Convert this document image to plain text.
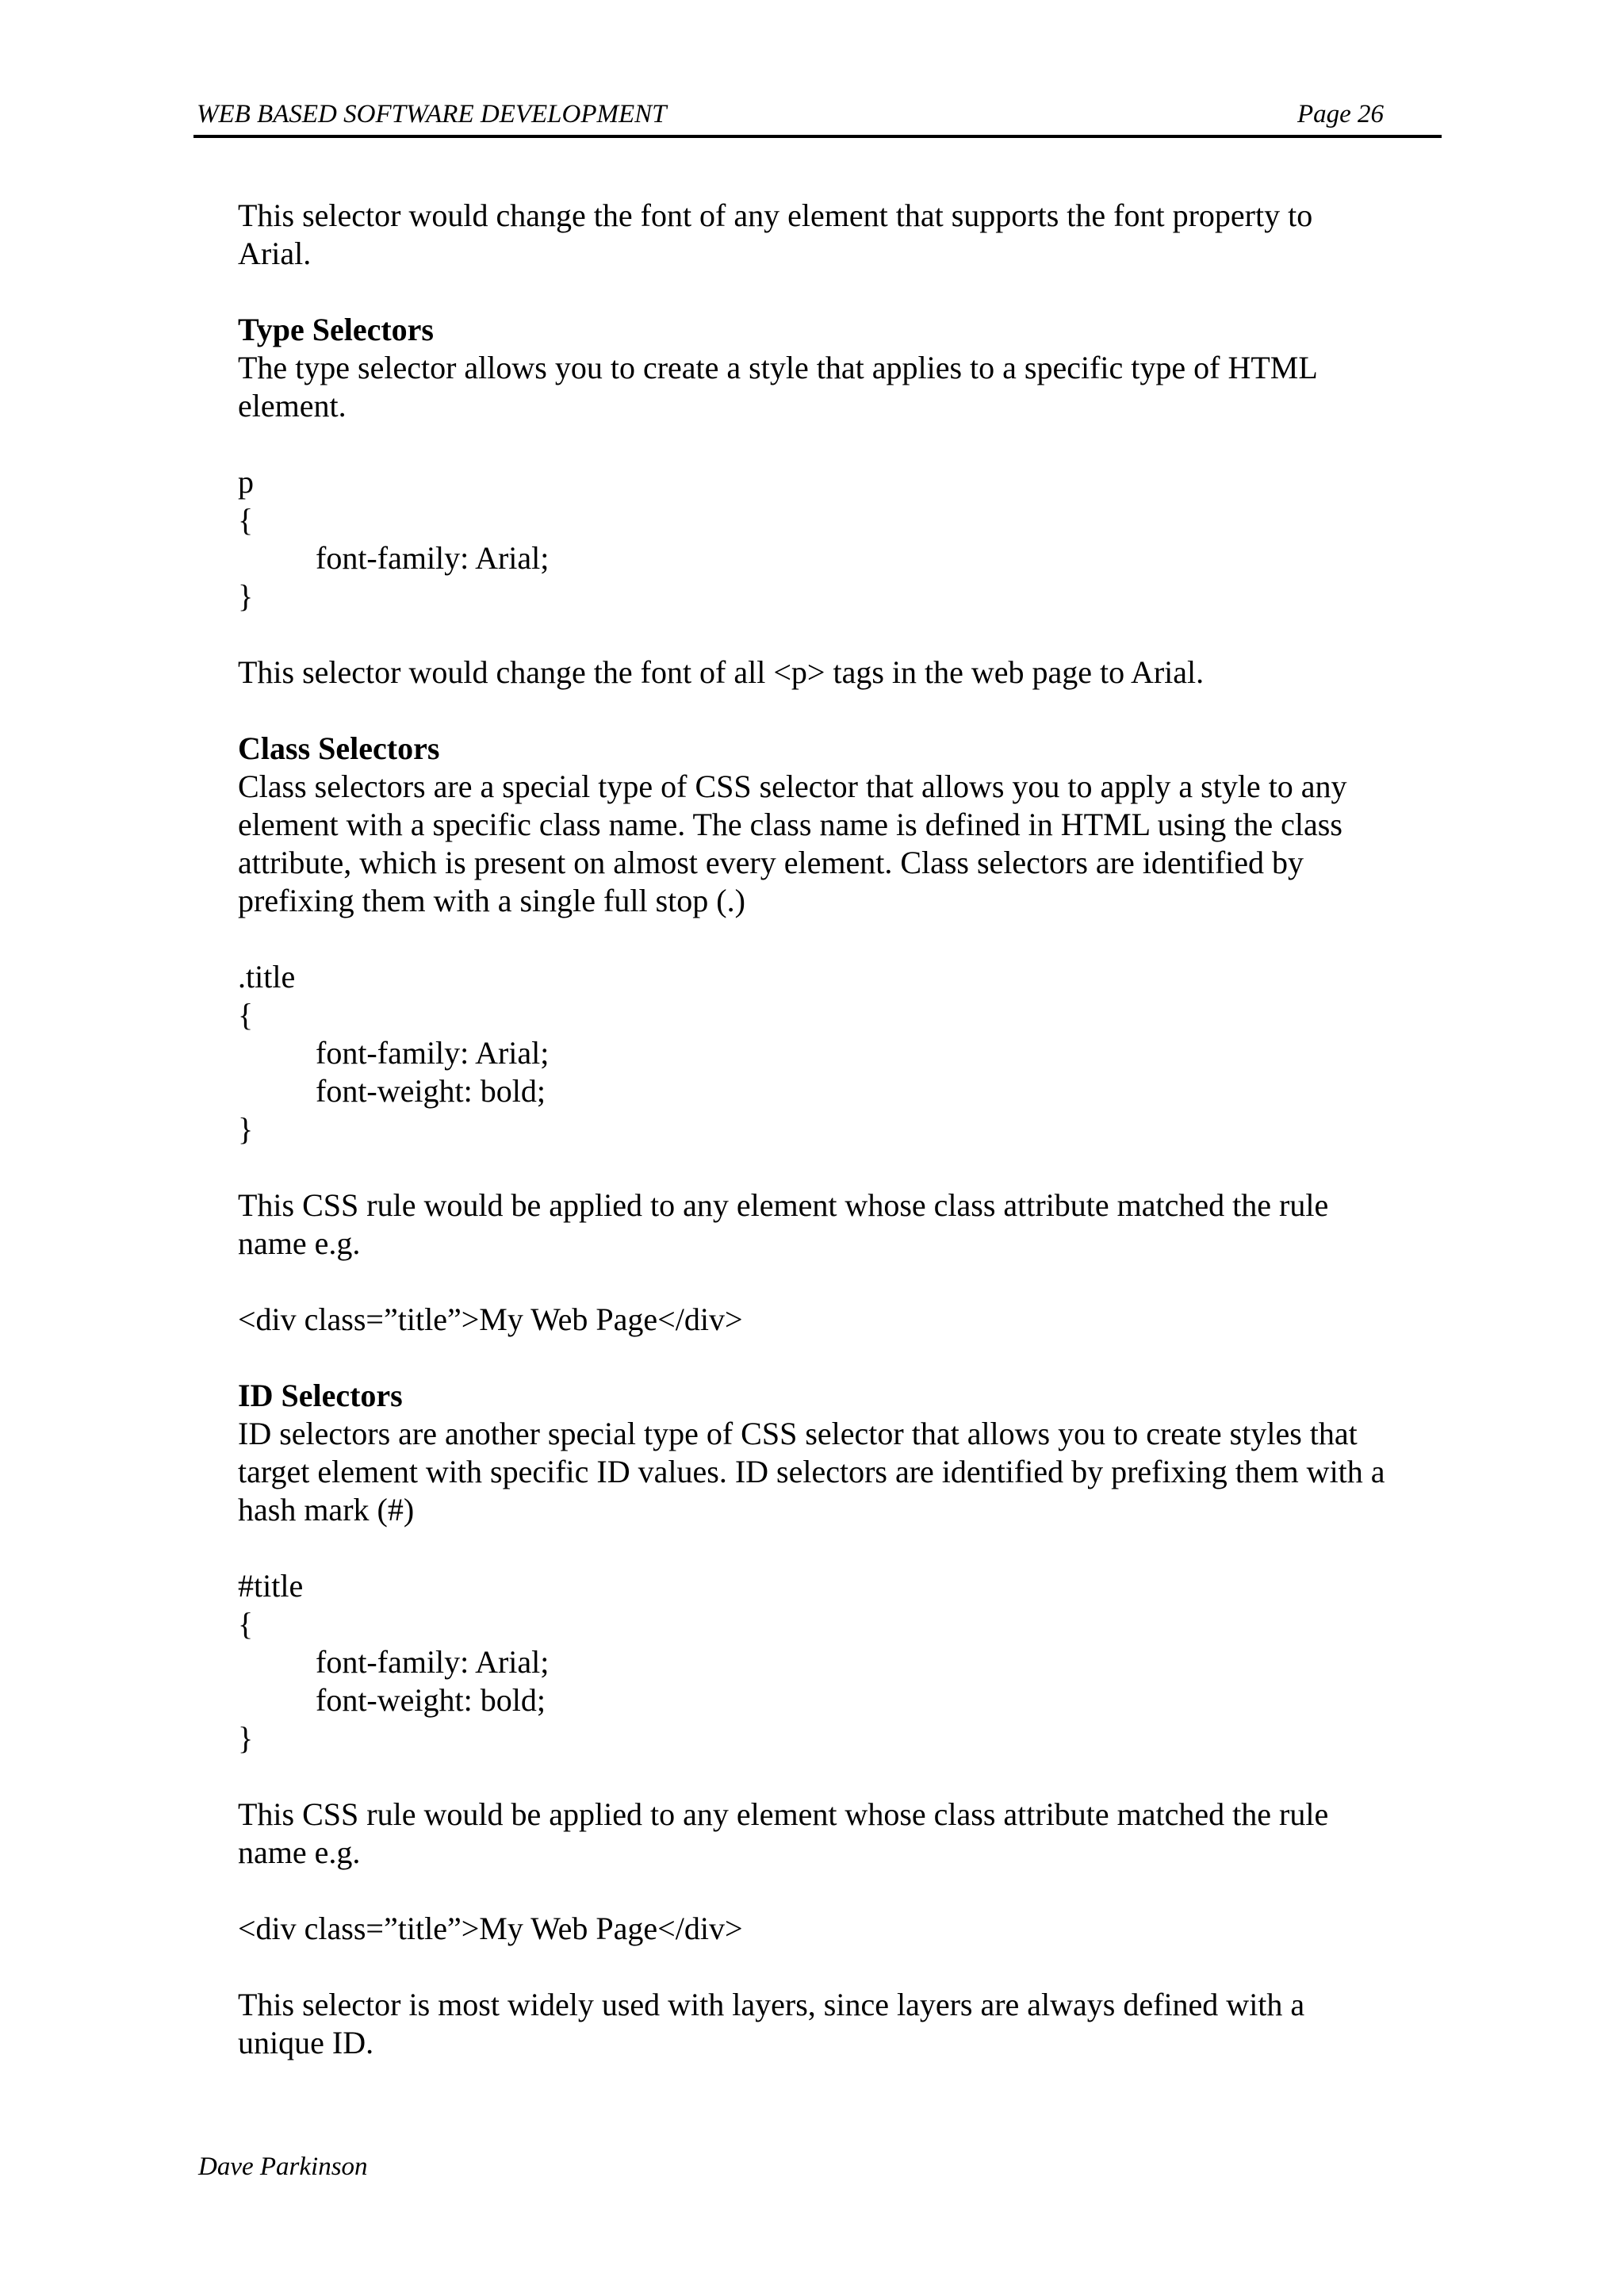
WEB BASED SOFTWARE DEVELOPMENT	Page 26
This selector would change the font of any element that supports the font property to
Arial.
Type Selectors
The type selector allows you to create a style that applies to a specific type of HTML
element.
p
{
font-family: Arial;
}
This selector would change the font of all <p> tags in the web page to Arial.
Class Selectors
Class selectors are a special type of CSS selector that allows you to apply a style to any
element with a specific class name. The class name is defined in HTML using the class
attribute, which is present on almost every element. Class selectors are identified by
prefixing them with a single full stop (.)
.title
{
font-family: Arial;
font-weight: bold;
}
This CSS rule would be applied to any element whose class attribute matched the rule
name e.g.
<div class=”title”>My Web Page</div>
ID Selectors
ID selectors are another special type of CSS selector that allows you to create styles that
target element with specific ID values. ID selectors are identified by prefixing them with a
hash mark (#)
#title
{
font-family: Arial;
font-weight: bold;
}
This CSS rule would be applied to any element whose class attribute matched the rule
name e.g.
<div class=”title”>My Web Page</div>
This selector is most widely used with layers, since layers are always defined with a
unique ID.
Dave Parkinson
